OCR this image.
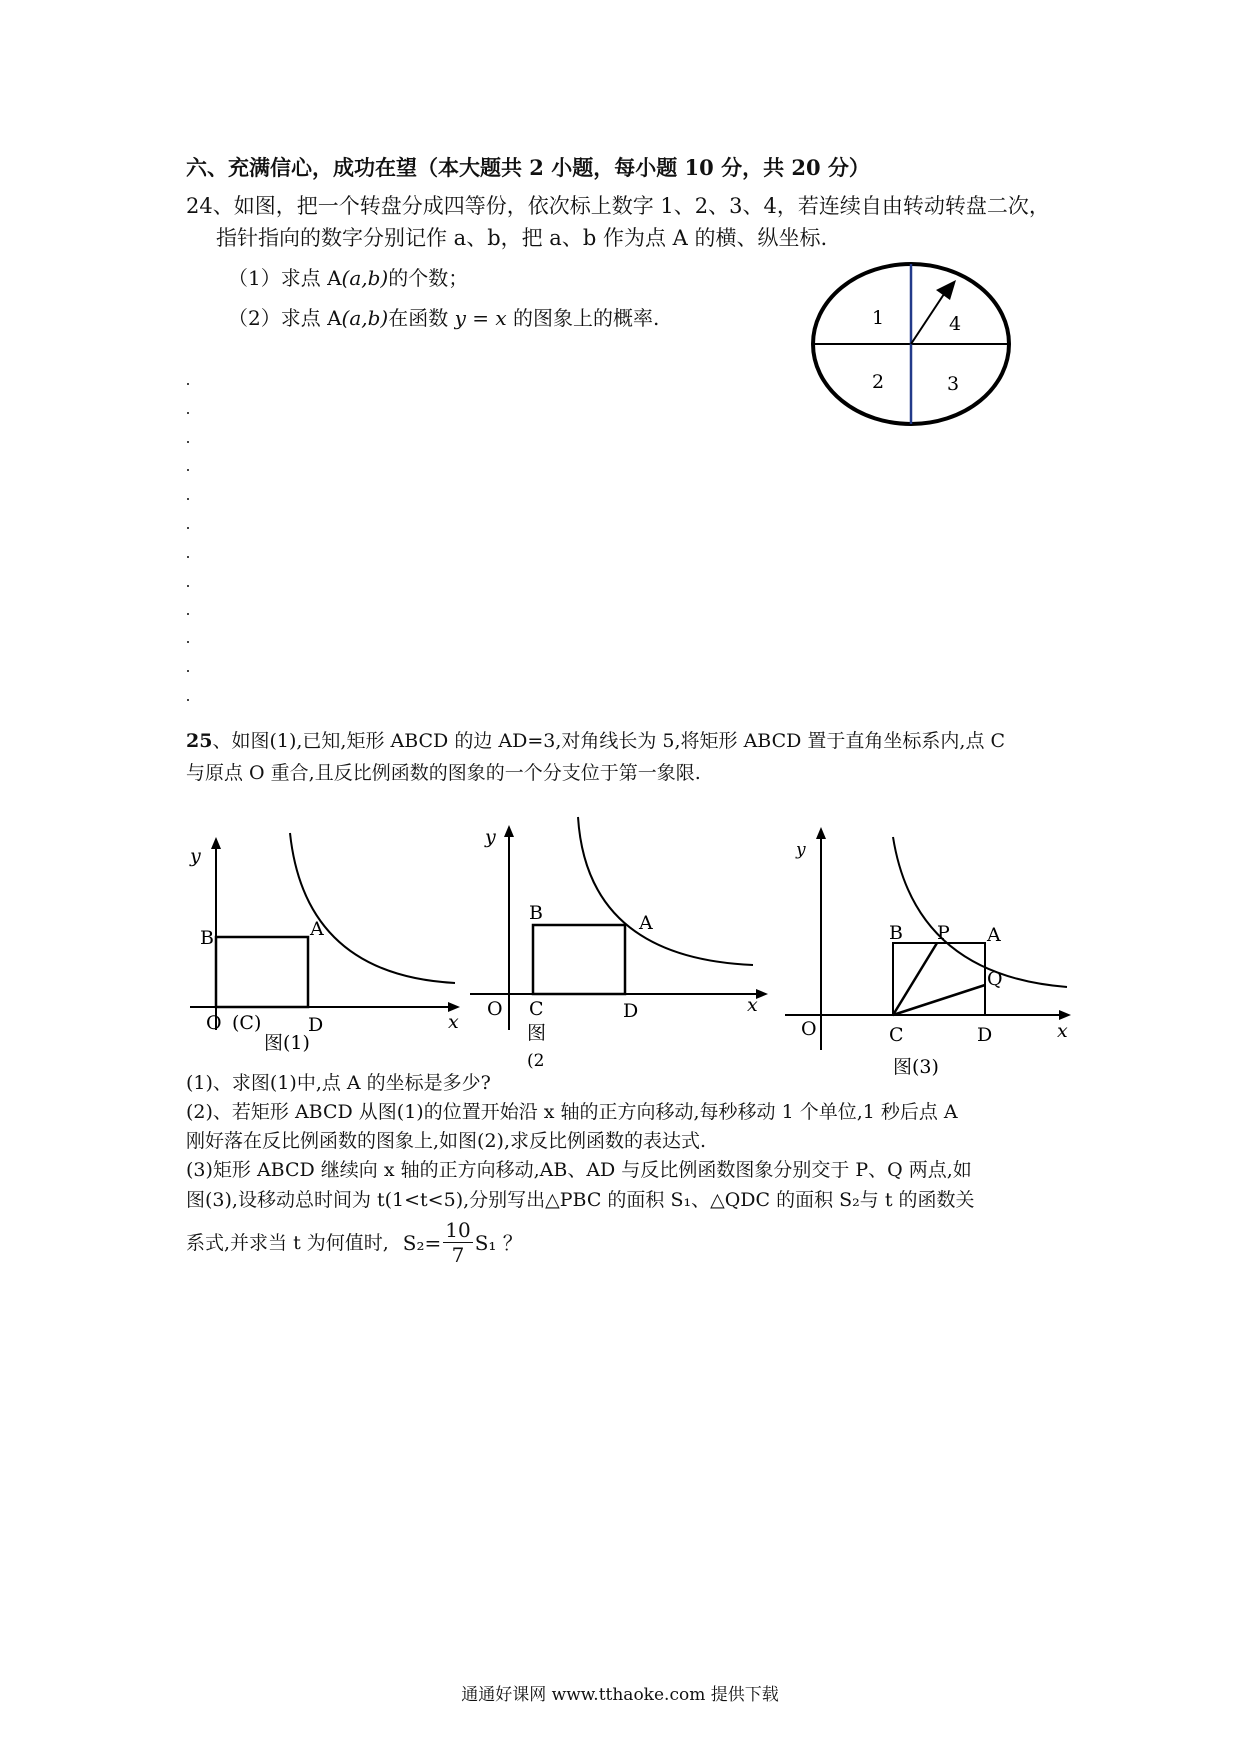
六、充满信心，成功在望（本大题共 2 小题，每小题 10 分，共 20 分）
24、如图，把一个转盘分成四等份，依次标上数字 1、2、3、4，若连续自由转动转盘二次，
指针指向的数字分别记作 a、b，把 a、b 作为点 A 的横、纵坐标.
（1）求点 A(a,b)的个数；
（2）求点 A(a,b)在函数 y = x 的图象上的概率.	1	4
2	3
25、如图(1),已知,矩形 ABCD 的边 AD=3,对角线长为 5,将矩形 ABCD 置于直角坐标系内,点 C
与原点 O 重合,且反比例函数的图象的一个分支位于第一象限.
y
B	A
O (C) D	x
图(1)
y
B	A
O C	D	x
图
(2
y
B P A
Q
O	C	D	x
图(3)
(1)、求图(1)中,点 A 的坐标是多少?
(2)、若矩形 ABCD 从图(1)的位置开始沿 x 轴的正方向移动,每秒移动 1 个单位,1 秒后点 A
刚好落在反比例函数的图象上,如图(2),求反比例函数的表达式.
(3)矩形 ABCD 继续向 x 轴的正方向移动,AB、AD 与反比例函数图象分别交于 P、Q 两点,如
图(3),设移动总时间为 t(1<t<5),分别写出△PBC 的面积 S₁、△QDC 的面积 S₂与 t 的函数关
系式,并求当 t 为何值时, $S_2= \frac{10}{7} S_1$ ？
通通好课网 www.tthaoke.com 提供下载
